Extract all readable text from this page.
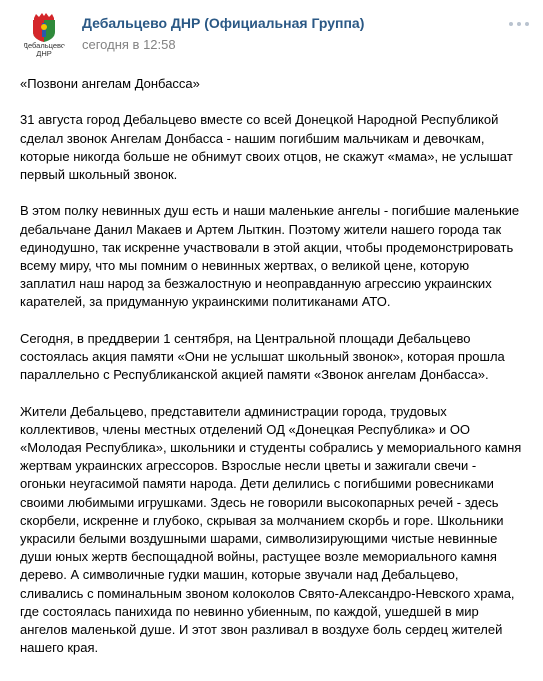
Дебальцево ДНР
Дебальцево ДНР (Официальная Группа)
сегодня в 12:58

«Позвони ангелам Донбасса»

31 августа город Дебальцево вместе со всей Донецкой Народной Республикой
сделал звонок Ангелам Донбасса - нашим погибшим мальчикам и девочкам,
которые никогда больше не обнимут своих отцов, не скажут «мама», не услышат
первый школьный звонок.

В этом полку невинных душ есть и наши маленькие ангелы - погибшие маленькие
дебальчане Данил Макаев и Артем Лыткин. Поэтому жители нашего города так
единодушно, так искренне участвовали в этой акции, чтобы продемонстрировать
всему миру, что мы помним о невинных жертвах, о великой цене, которую
заплатил наш народ за безжалостную и неоправданную агрессию украинских
карателей, за придуманную украинскими политиканами АТО.

Сегодня, в преддверии 1 сентября, на Центральной площади Дебальцево
состоялась акция памяти «Они не услышат школьный звонок», которая прошла
параллельно с Республиканской акцией памяти «Звонок ангелам Донбасса».

Жители Дебальцево, представители администрации города, трудовых
коллективов, члены местных отделений ОД «Донецкая Республика» и ОО
«Молодая Республика», школьники и студенты собрались у мемориального камня
жертвам украинских агрессоров. Взрослые несли цветы и зажигали свечи -
огоньки неугасимой памяти народа. Дети делились с погибшими ровесниками
своими любимыми игрушками. Здесь не говорили высокопарных речей - здесь
скорбели, искренне и глубоко, скрывая за молчанием скорбь и горе. Школьники
украсили белыми воздушными шарами, символизирующими чистые невинные
души юных жертв беспощадной войны, растущее возле мемориального камня
дерево. А символичные гудки машин, которые звучали над Дебальцево,
сливались с поминальным звоном колоколов Свято-Александро-Невского храма,
где состоялась панихида по невинно убиенным, по каждой, ушедшей в мир
ангелов маленькой душе. И этот звон разливал в воздухе боль сердец жителей
нашего края.
